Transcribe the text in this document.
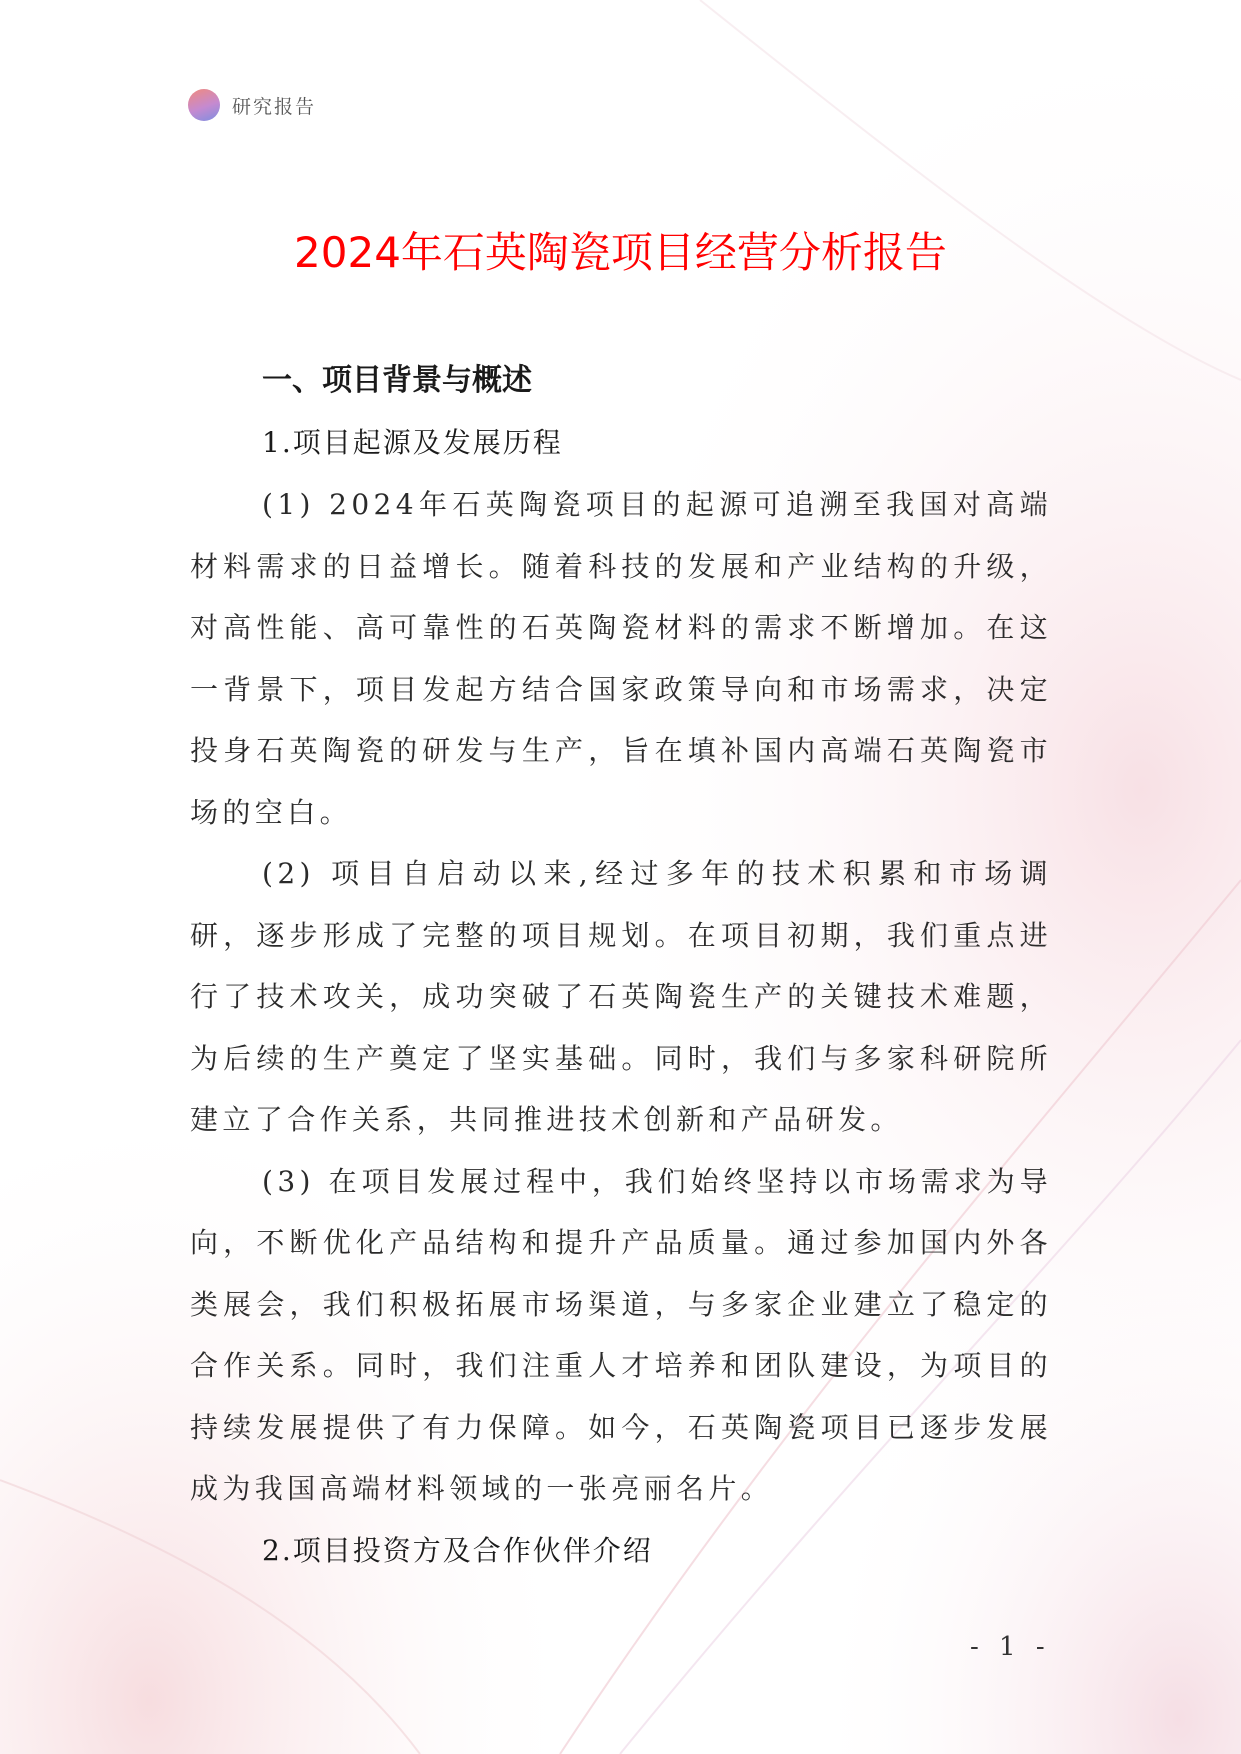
研究报告
2024年石英陶瓷项目经营分析报告
一、项目背景与概述
1.项目起源及发展历程

(1) 2024年石英陶瓷项目的起源可追溯至我国对高端材料需求的日益增长。随着科技的发展和产业结构的升级，对高性能、高可靠性的石英陶瓷材料的需求不断增加。在这一背景下，项目发起方结合国家政策导向和市场需求，决定投身石英陶瓷的研发与生产，旨在填补国内高端石英陶瓷市场的空白。

(2) 项目自启动以来,经过多年的技术积累和市场调研，逐步形成了完整的项目规划。在项目初期，我们重点进行了技术攻关，成功突破了石英陶瓷生产的关键技术难题，为后续的生产奠定了坚实基础。同时，我们与多家科研院所建立了合作关系，共同推进技术创新和产品研发。

(3) 在项目发展过程中，我们始终坚持以市场需求为导向，不断优化产品结构和提升产品质量。通过参加国内外各类展会，我们积极拓展市场渠道，与多家企业建立了稳定的合作关系。同时，我们注重人才培养和团队建设，为项目的持续发展提供了有力保障。如今，石英陶瓷项目已逐步发展成为我国高端材料领域的一张亮丽名片。

2.项目投资方及合作伙伴介绍
- 1 -
